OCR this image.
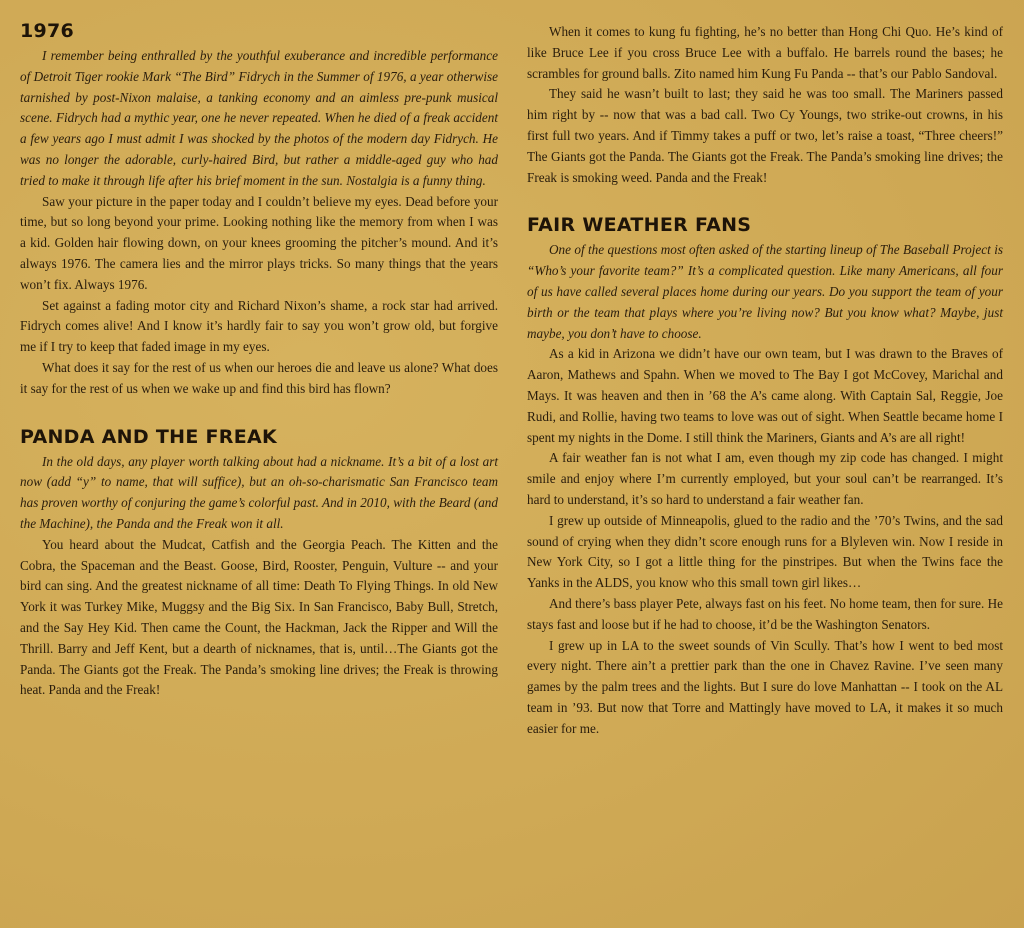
1976

I remember being enthralled by the youthful exuberance and incredible performance of Detroit Tiger rookie Mark “The Bird” Fidrych in the Summer of 1976, a year otherwise tarnished by post-Nixon malaise, a tanking economy and an aimless pre-punk musical scene. Fidrych had a mythic year, one he never repeated. When he died of a freak accident a few years ago I must admit I was shocked by the photos of the modern day Fidrych. He was no longer the adorable, curly-haired Bird, but rather a middle-aged guy who had tried to make it through life after his brief moment in the sun. Nostalgia is a funny thing.

Saw your picture in the paper today and I couldn’t believe my eyes. Dead before your time, but so long beyond your prime. Looking nothing like the memory from when I was a kid. Golden hair flowing down, on your knees grooming the pitcher’s mound. And it’s always 1976. The camera lies and the mirror plays tricks. So many things that the years won’t fix. Always 1976.

Set against a fading motor city and Richard Nixon’s shame, a rock star had arrived. Fidrych comes alive! And I know it’s hardly fair to say you won’t grow old, but forgive me if I try to keep that faded image in my eyes.

What does it say for the rest of us when our heroes die and leave us alone? What does it say for the rest of us when we wake up and find this bird has flown?

PANDA AND THE FREAK

In the old days, any player worth talking about had a nickname. It’s a bit of a lost art now (add “y” to name, that will suffice), but an oh-so-charismatic San Francisco team has proven worthy of conjuring the game’s colorful past. And in 2010, with the Beard (and the Machine), the Panda and the Freak won it all.

You heard about the Mudcat, Catfish and the Georgia Peach. The Kitten and the Cobra, the Spaceman and the Beast. Goose, Bird, Rooster, Penguin, Vulture -- and your bird can sing. And the greatest nickname of all time: Death To Flying Things. In old New York it was Turkey Mike, Muggsy and the Big Six. In San Francisco, Baby Bull, Stretch, and the Say Hey Kid. Then came the Count, the Hackman, Jack the Ripper and Will the Thrill. Barry and Jeff Kent, but a dearth of nicknames, that is, until…The Giants got the Panda. The Giants got the Freak. The Panda’s smoking line drives; the Freak is throwing heat. Panda and the Freak!

When it comes to kung fu fighting, he’s no better than Hong Chi Quo. He’s kind of like Bruce Lee if you cross Bruce Lee with a buffalo. He barrels round the bases; he scrambles for ground balls. Zito named him Kung Fu Panda -- that’s our Pablo Sandoval.

They said he wasn’t built to last; they said he was too small. The Mariners passed him right by -- now that was a bad call. Two Cy Youngs, two strike-out crowns, in his first full two years. And if Timmy takes a puff or two, let’s raise a toast, “Three cheers!” The Giants got the Panda. The Giants got the Freak. The Panda’s smoking line drives; the Freak is smoking weed. Panda and the Freak!

FAIR WEATHER FANS

One of the questions most often asked of the starting lineup of The Baseball Project is “Who’s your favorite team?” It’s a complicated question. Like many Americans, all four of us have called several places home during our years. Do you support the team of your birth or the team that plays where you’re living now? But you know what? Maybe, just maybe, you don’t have to choose.

As a kid in Arizona we didn’t have our own team, but I was drawn to the Braves of Aaron, Mathews and Spahn. When we moved to The Bay I got McCovey, Marichal and Mays. It was heaven and then in ’68 the A’s came along. With Captain Sal, Reggie, Joe Rudi, and Rollie, having two teams to love was out of sight. When Seattle became home I spent my nights in the Dome. I still think the Mariners, Giants and A’s are all right!

A fair weather fan is not what I am, even though my zip code has changed. I might smile and enjoy where I’m currently employed, but your soul can’t be rearranged. It’s hard to understand, it’s so hard to understand a fair weather fan.

I grew up outside of Minneapolis, glued to the radio and the ’70’s Twins, and the sad sound of crying when they didn’t score enough runs for a Blyleven win. Now I reside in New York City, so I got a little thing for the pinstripes. But when the Twins face the Yanks in the ALDS, you know who this small town girl likes…

And there’s bass player Pete, always fast on his feet. No home team, then for sure. He stays fast and loose but if he had to choose, it’d be the Washington Senators.

I grew up in LA to the sweet sounds of Vin Scully. That’s how I went to bed most every night. There ain’t a prettier park than the one in Chavez Ravine. I’ve seen many games by the palm trees and the lights. But I sure do love Manhattan -- I took on the AL team in ’93. But now that Torre and Mattingly have moved to LA, it makes it so much easier for me.
